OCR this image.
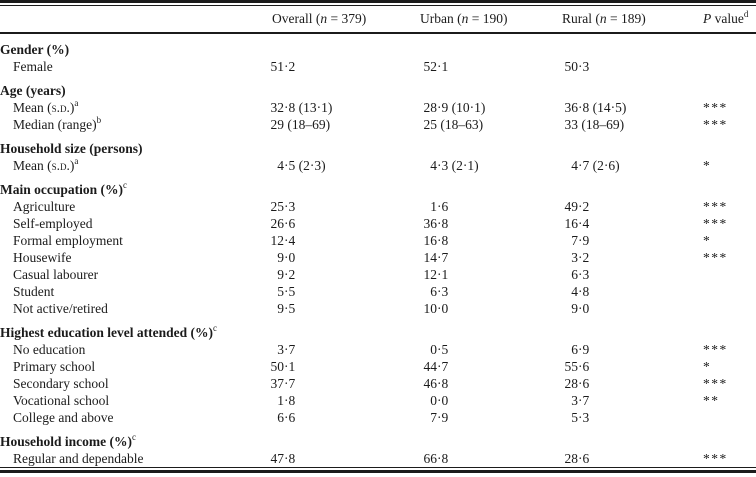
	Overall (n = 379)	Urban (n = 190)	Rural (n = 189)	P value$^d$
Gender (%)				
Female	51·2	52·1	50·3	
Age (years)				
Mean $(s.d.)^a$	32·8 (13·1)	28·9 (10·1)	36·8 (14·5)	***
Median (range)$^b$	29 (18–69)	25 (18–63)	33 (18–69)	***
Household size (persons)				
Mean $(s.d.)^a$	4·5 (2·3)	4·3 (2·1)	4·7 (2·6)	*
Main occupation (%)$^c$
Agriculture	25·3	1·6	49·2	***
Self-employed	26·6	36·8	16·4	***
Formal employment	12·4	16·8	7·9	*
Housewife	9·0	14·7	3·2	***
Casual labourer	9·2	12·1	6·3	
Student	5·5	6·3	4·8	
Not active/retired	9·5	10·0	9·0	
Highest education level attended (%)$^c$
No education	3·7	0·5	6·9	***
Primary school	50·1	44·7	55·6	*
Secondary school	37·7	46·8	28·6	***
Vocational school	1·8	0·0	3·7	**
College and above	6·6	7·9	5·3	
Household income (%)$^c$
Regular and dependable	47·8	66·8	28·6	***
